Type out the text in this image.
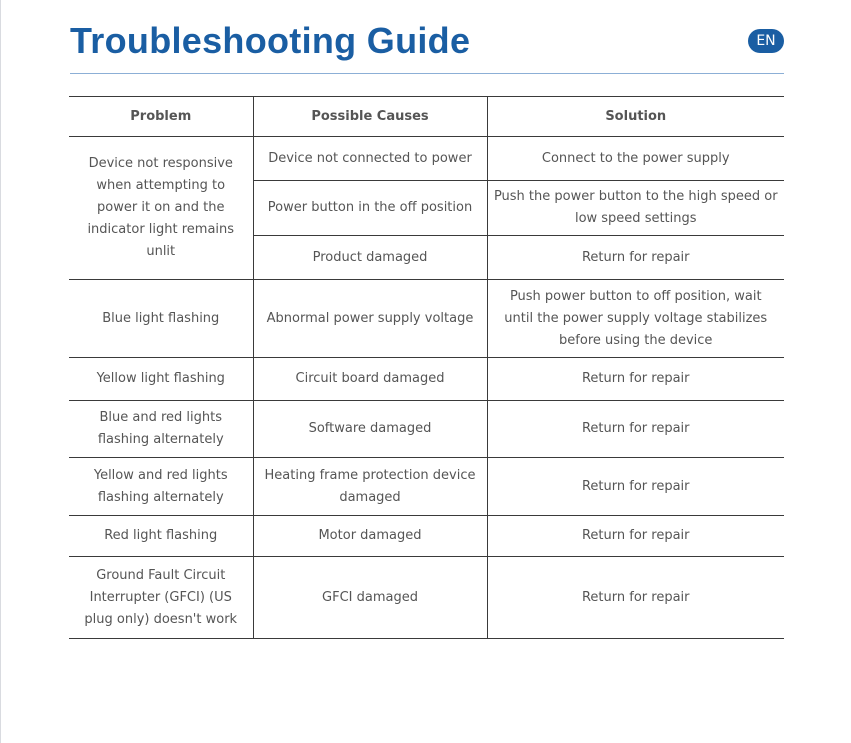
Troubleshooting Guide	EN
Problem	Possible Causes	Solution
Device not responsive when attempting to power it on and the indicator light remains unlit	Device not connected to power	Connect to the power supply
	Power button in the off position	Push the power button to the high speed or low speed settings
	Product damaged	Return for repair
Blue light flashing	Abnormal power supply voltage	Push power button to off position, wait until the power supply voltage stabilizes before using the device
Yellow light flashing	Circuit board damaged	Return for repair
Blue and red lights flashing alternately	Software damaged	Return for repair
Yellow and red lights flashing alternately	Heating frame protection device damaged	Return for repair
Red light flashing	Motor damaged	Return for repair
Ground Fault Circuit Interrupter (GFCI) (US plug only) doesn't work	GFCI damaged	Return for repair
